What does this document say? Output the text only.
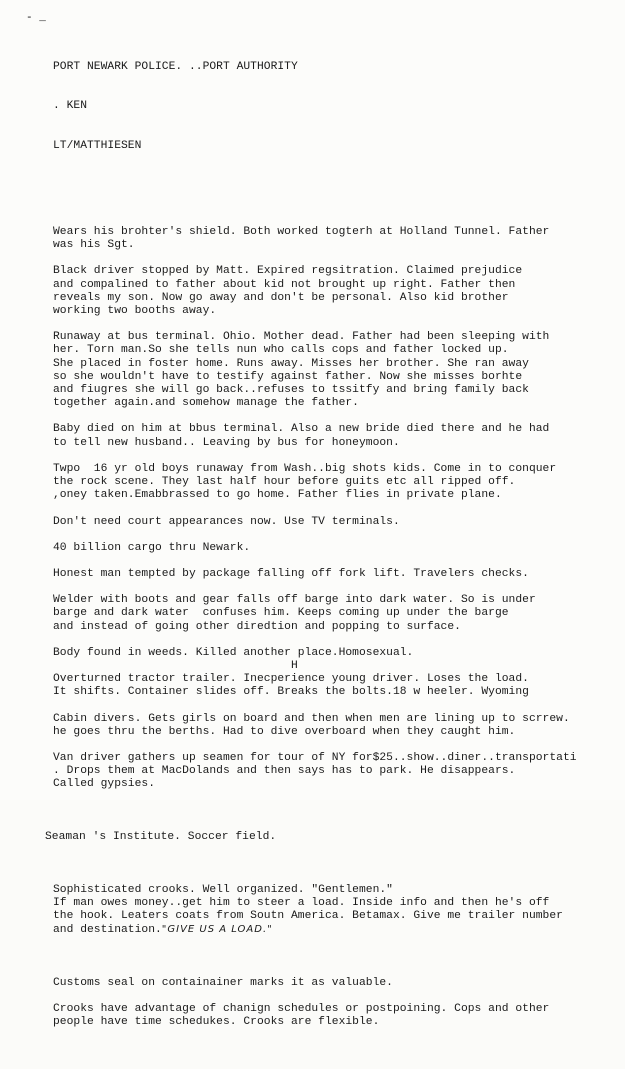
- _

PORT NEWARK POLICE. ..PORT AUTHORITY

. KEN

LT/MATTHIESEN

Wears his brohter's shield. Both worked togterh at Holland Tunnel. Father
was his Sgt.
Black driver stopped by Matt. Expired regsitration. Claimed prejudice
and compalined to father about kid not brought up right. Father then
reveals my son. Now go away and don't be personal. Also kid brother
working two booths away.
Runaway at bus terminal. Ohio. Mother dead. Father had been sleeping with
her. Torn man.So she tells nun who calls cops and father locked up.
She placed in foster home. Runs away. Misses her brother. She ran away
so she wouldn't have to testify against father. Now she misses borhte
and fiugres she will go back..refuses to tssitfy and bring family back
together again.and somehow manage the father.
Baby died on him at bbus terminal. Also a new bride died there and he had
to tell new husband.. Leaving by bus for honeymoon.
Twpo  16 yr old boys runaway from Wash..big shots kids. Come in to conquer
the rock scene. They last half hour before guits etc all ripped off.
,oney taken.Emabbrassed to go home. Father flies in private plane.
Don't need court appearances now. Use TV terminals.
40 billion cargo thru Newark.
Honest man tempted by package falling off fork lift. Travelers checks.
Welder with boots and gear falls off barge into dark water. So is under
barge and dark water  confuses him. Keeps coming up under the barge
and instead of going other diredtion and popping to surface.
Body found in weeds. Killed another place.Homosexual.
H
Overturned tractor trailer. Inecperience young driver. Loses the load.
It shifts. Container slides off. Breaks the bolts.18 w heeler. Wyoming
Cabin divers. Gets girls on board and then when men are lining up to scrrew.
he goes thru the berths. Had to dive overboard when they caught him.
Van driver gathers up seamen for tour of NY for$25..show..diner..transportati
. Drops them at MacDolands and then says has to park. He disappears.
Called gypsies.

Seaman 's Institute. Soccer field.

Sophisticated crooks. Well organized. "Gentlemen."
If man owes money..get him to steer a load. Inside info and then he's off
the hook. Leaters coats from Soutn America. Betamax. Give me trailer number
and destination."GIVE US A LOAD."

Customs seal on containainer marks it as valuable.
Crooks have advantage of chanign schedules or postpoining. Cops and other
people have time schedukes. Crooks are flexible.
